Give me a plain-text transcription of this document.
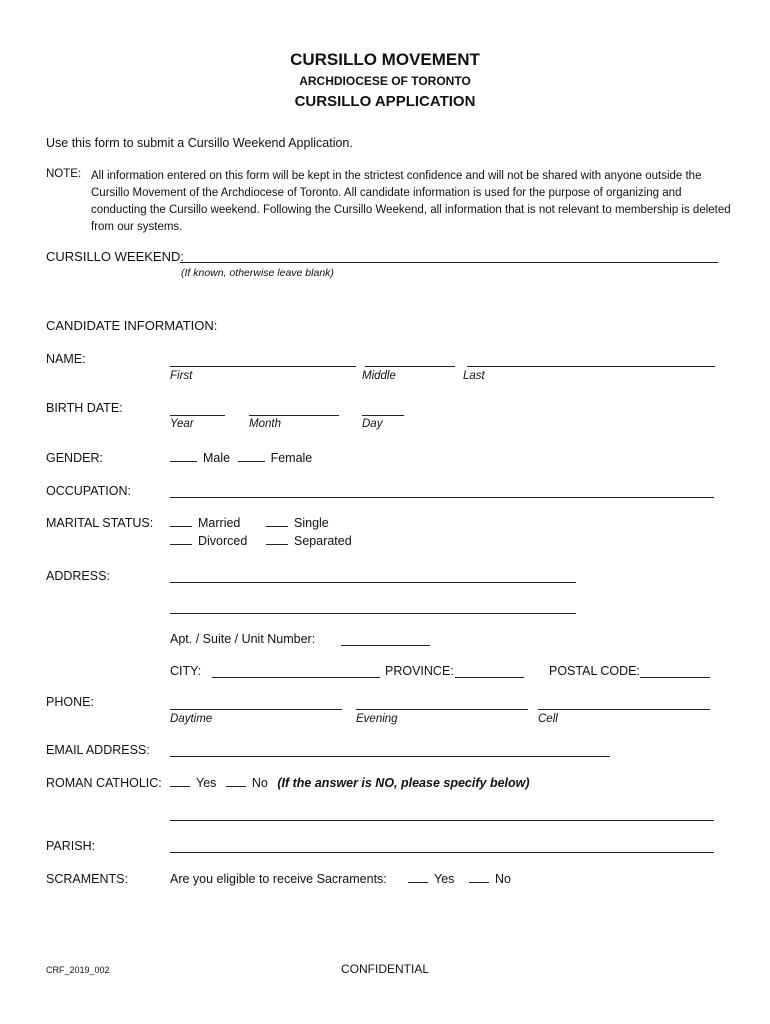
CURSILLO MOVEMENT
ARCHDIOCESE OF TORONTO
CURSILLO APPLICATION
Use this form to submit a Cursillo Weekend Application.
NOTE: All information entered on this form will be kept in the strictest confidence and will not be shared with anyone outside the Cursillo Movement of the Archdiocese of Toronto. All candidate information is used for the purpose of organizing and conducting the Cursillo weekend. Following the Cursillo Weekend, all information that is not relevant to membership is deleted from our systems.
CURSILLO WEEKEND:
(If known, otherwise leave blank)
CANDIDATE INFORMATION:
NAME:
First	Middle	Last
BIRTH DATE:
Year	Month	Day
GENDER:	Male	Female
OCCUPATION:
MARITAL STATUS:	Married	Single
Divorced	Separated
ADDRESS:
Apt. / Suite / Unit Number:
CITY:	PROVINCE:	POSTAL CODE:
PHONE:
Daytime	Evening	Cell
EMAIL ADDRESS:
ROMAN CATHOLIC:	Yes	No (If the answer is NO, please specify below)
PARISH:
SCRAMENTS:	Are you eligible to receive Sacraments:	Yes	No
CRF_2019_002	CONFIDENTIAL
